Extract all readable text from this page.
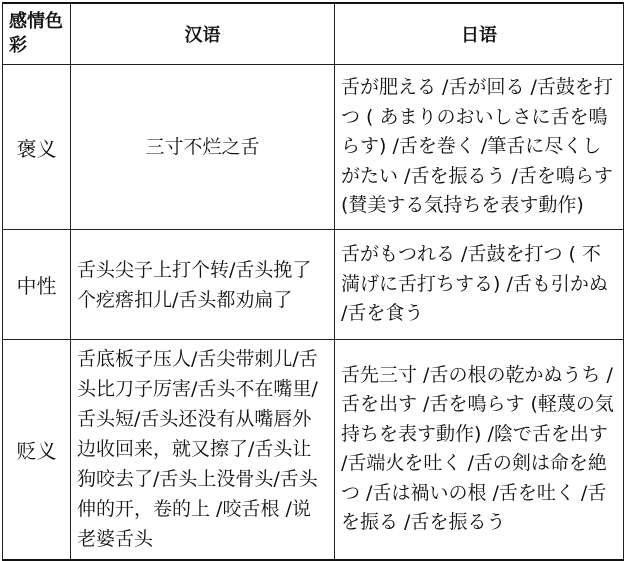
感情色彩	汉语	日语
褒义	三寸不烂之舌	舌が肥える /舌が回る /舌鼓を打つ ( あまりのおいしさに舌を鳴らす) /舌を巻く /筆舌に尽くしがたい /舌を振るう /舌を鳴らす (賛美する気持ちを表す動作)
中性	舌头尖子上打个转/舌头挽了个疙瘩扣儿/舌头都劝扁了	舌がもつれる /舌鼓を打つ ( 不満げに舌打ちする) /舌も引かぬ /舌を食う
贬义	舌底板子压人/舌尖带刺儿/舌头比刀子厉害/舌头不在嘴里/舌头短/舌头还没有从嘴唇外边收回来，就又擦了/舌头让狗咬去了/舌头上没骨头/舌头伸的开，卷的上 /咬舌根 /说老婆舌头	舌先三寸 /舌の根の乾かぬうち /舌を出す /舌を鳴らす (軽蔑の気持ちを表す動作) /陰で舌を出す /舌端火を吐く /舌の剣は命を絶つ /舌は禍いの根 /舌を吐く /舌を振る /舌を振るう
